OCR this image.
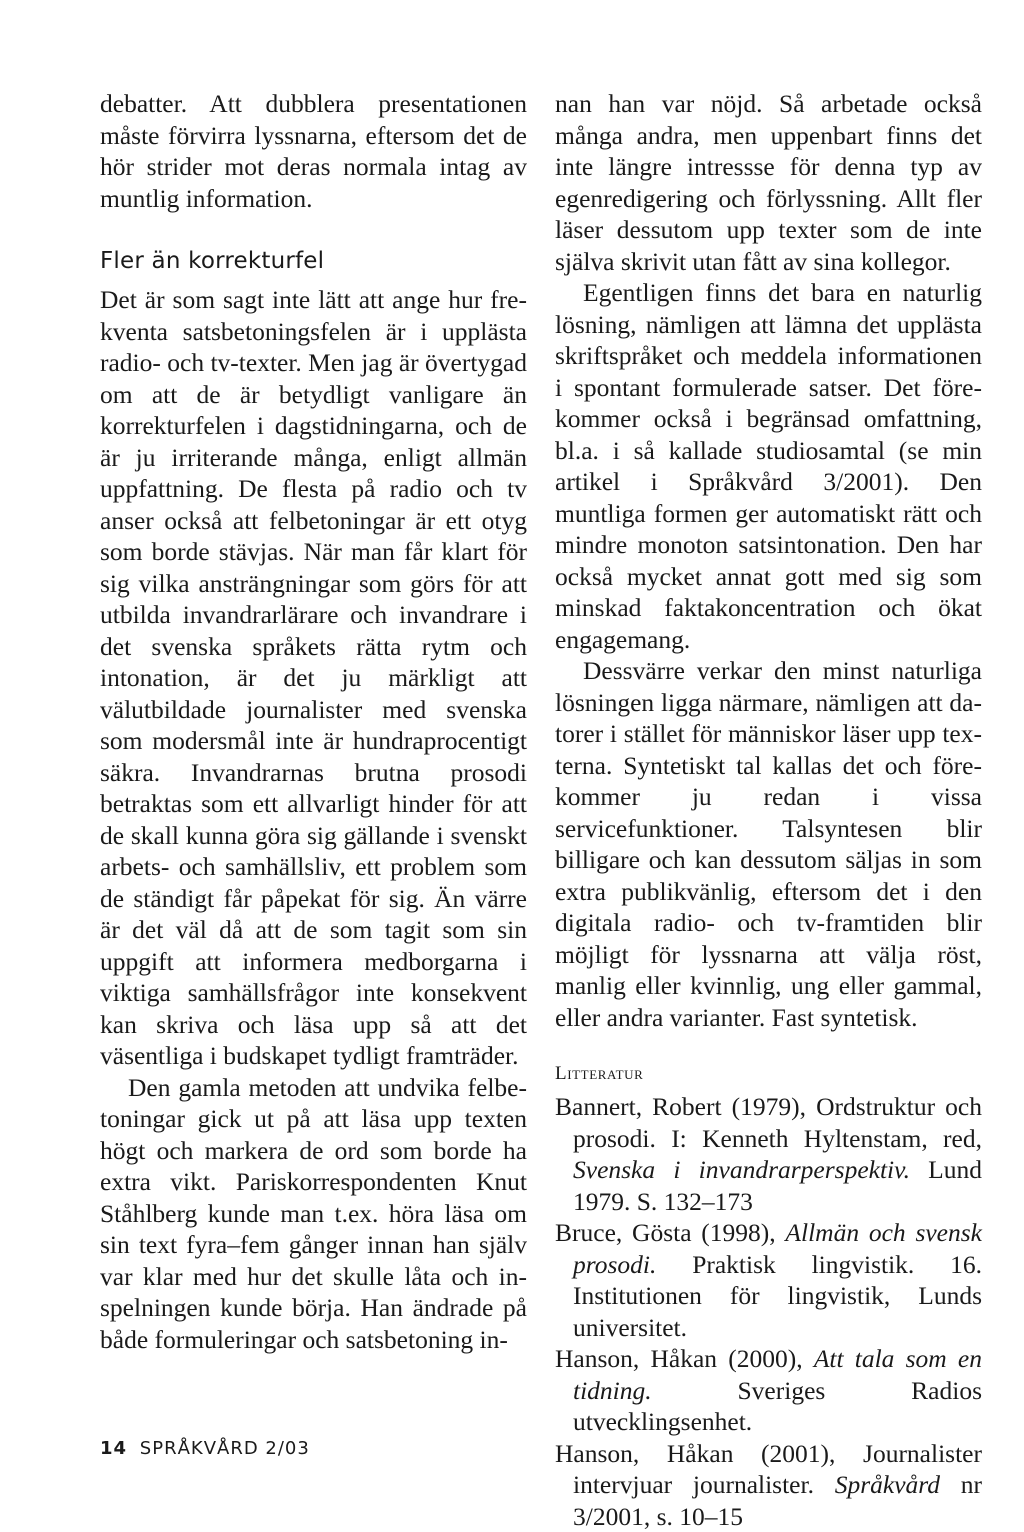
debatter. Att dubblera presentationen måste förvirra lyssnarna, eftersom det de hör strider mot deras normala intag av muntlig information.

Fler än korrekturfel

Det är som sagt inte lätt att ange hur frekventa satsbetoningsfelen är i upplästa radio- och tv-texter. Men jag är övertygad om att de är betydligt vanligare än korrekturfelen i dagstidningarna, och de är ju irriterande många, enligt allmän uppfattning. De flesta på radio och tv anser också att felbetoningar är ett otyg som borde stävjas. När man får klart för sig vilka ansträngningar som görs för att utbilda invandrarlärare och invandrare i det svenska språkets rätta rytm och intonation, är det ju märkligt att välutbildade journalister med svenska som modersmål inte är hundraprocentigt säkra. Invandrarnas brutna prosodi betraktas som ett allvarligt hinder för att de skall kunna göra sig gällande i svenskt arbets- och samhällsliv, ett problem som de ständigt får påpekat för sig. Än värre är det väl då att de som tagit som sin uppgift att informera medborgarna i viktiga samhällsfrågor inte konsekvent kan skriva och läsa upp så att det väsentliga i budskapet tydligt framträder.

Den gamla metoden att undvika felbetoningar gick ut på att läsa upp texten högt och markera de ord som borde ha extra vikt. Pariskorrespondenten Knut Ståhlberg kunde man t.ex. höra läsa om sin text fyra–fem gånger innan han själv var klar med hur det skulle låta och inspelningen kunde börja. Han ändrade på både formuleringar och satsbetoning in-

nan han var nöjd. Så arbetade också många andra, men uppenbart finns det inte längre intressse för denna typ av egenredigering och förlyssning. Allt fler läser dessutom upp texter som de inte själva skrivit utan fått av sina kollegor.

Egentligen finns det bara en naturlig lösning, nämligen att lämna det upplästa skriftspråket och meddela informationen i spontant formulerade satser. Det förekommer också i begränsad omfattning, bl.a. i så kallade studiosamtal (se min artikel i Språkvård 3/2001). Den muntliga formen ger automatiskt rätt och mindre monoton satsintonation. Den har också mycket annat gott med sig som minskad faktakoncentration och ökat engagemang.

Dessvärre verkar den minst naturliga lösningen ligga närmare, nämligen att datorer i stället för människor läser upp texterna. Syntetiskt tal kallas det och förekommer ju redan i vissa servicefunktioner. Talsyntesen blir billigare och kan dessutom säljas in som extra publikvänlig, eftersom det i den digitala radio- och tv-framtiden blir möjligt för lyssnarna att välja röst, manlig eller kvinnlig, ung eller gammal, eller andra varianter. Fast syntetisk.

Litteratur

Bannert, Robert (1979), Ordstruktur och prosodi. I: Kenneth Hyltenstam, red, Svenska i invandrarperspektiv. Lund 1979. S. 132–173

Bruce, Gösta (1998), Allmän och svensk prosodi. Praktisk lingvistik. 16. Institutionen för lingvistik, Lunds universitet.

Hanson, Håkan (2000), Att tala som en tidning. Sveriges Radios utvecklingsenhet.

Hanson, Håkan (2001), Journalister intervjuar journalister. Språkvård nr 3/2001, s. 10–15

14 SPRÅKVÅRD 2/03
